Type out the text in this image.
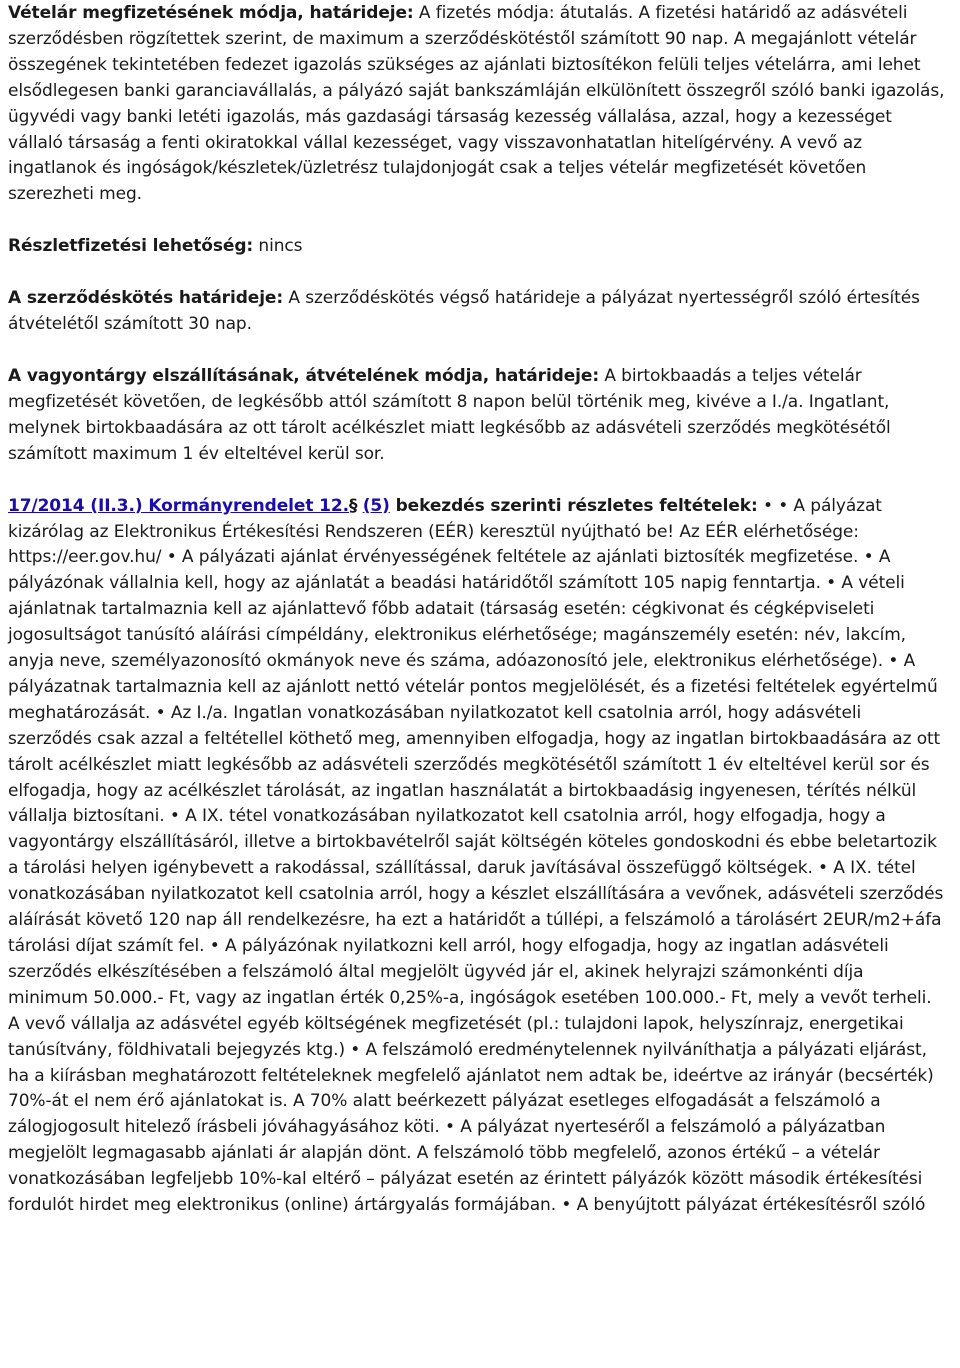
Vételár megfizetésének módja, határideje: A fizetés módja: átutalás. A fizetési határidő az adásvételi szerződésben rögzítettek szerint, de maximum a szerződéskötéstől számított 90 nap. A megajánlott vételár összegének tekintetében fedezet igazolás szükséges az ajánlati biztosítékon felüli teljes vételárra, ami lehet elsődlegesen banki garanciavállalás, a pályázó saját bankszámláján elkülönített összegről szóló banki igazolás, ügyvédi vagy banki letéti igazolás, más gazdasági társaság kezesség vállalása, azzal, hogy a kezességet vállaló társaság a fenti okiratokkal vállal kezességet, vagy visszavonhatatlan hitelígérvény. A vevő az ingatlanok és ingóságok/készletek/üzletrész tulajdonjogát csak a teljes vételár megfizetését követően szerezheti meg.

Részletfizetési lehetőség: nincs

A szerződéskötés határideje: A szerződéskötés végső határideje a pályázat nyertességről szóló értesítés átvételétől számított 30 nap.

A vagyontárgy elszállításának, átvételének módja, határideje: A birtokbaadás a teljes vételár megfizetését követően, de legkésőbb attól számított 8 napon belül történik meg, kivéve a I./a. Ingatlant, melynek birtokbaadására az ott tárolt acélkészlet miatt legkésőbb az adásvételi szerződés megkötésétől számított maximum 1 év elteltével kerül sor.

17/2014 (II.3.) Kormányrendelet 12.§ (5) bekezdés szerinti részletes feltételek: • • A pályázat kizárólag az Elektronikus Értékesítési Rendszeren (EÉR) keresztül nyújtható be! Az EÉR elérhetősége: https://eer.gov.hu/ • A pályázati ajánlat érvényességének feltétele az ajánlati biztosíték megfizetése. • A pályázónak vállalnia kell, hogy az ajánlatát a beadási határidőtől számított 105 napig fenntartja. • A vételi ajánlatnak tartalmaznia kell az ajánlattevő főbb adatait (társaság esetén: cégkivonat és cégképviseleti jogosultságot tanúsító aláírási címpéldány, elektronikus elérhetősége; magánszemély esetén: név, lakcím, anyja neve, személyazonosító okmányok neve és száma, adóazonosító jele, elektronikus elérhetősége). • A pályázatnak tartalmaznia kell az ajánlott nettó vételár pontos megjelölését, és a fizetési feltételek egyértelmű meghatározását. • Az I./a. Ingatlan vonatkozásában nyilatkozatot kell csatolnia arról, hogy adásvételi szerződés csak azzal a feltétellel köthető meg, amennyiben elfogadja, hogy az ingatlan birtokbaadására az ott tárolt acélkészlet miatt legkésőbb az adásvételi szerződés megkötésétől számított 1 év elteltével kerül sor és elfogadja, hogy az acélkészlet tárolását, az ingatlan használatát a birtokbaadásig ingyenesen, térítés nélkül vállalja biztosítani. • A IX. tétel vonatkozásában nyilatkozatot kell csatolnia arról, hogy elfogadja, hogy a vagyontárgy elszállításáról, illetve a birtokbavételről saját költségén köteles gondoskodni és ebbe beletartozik a tárolási helyen igénybevett a rakodással, szállítással, daruk javításával összefüggő költségek. • A IX. tétel vonatkozásában nyilatkozatot kell csatolnia arról, hogy a készlet elszállítására a vevőnek, adásvételi szerződés aláírását követő 120 nap áll rendelkezésre, ha ezt a határidőt a túllépi, a felszámoló a tárolásért 2EUR/m2+áfa tárolási díjat számít fel. • A pályázónak nyilatkozni kell arról, hogy elfogadja, hogy az ingatlan adásvételi szerződés elkészítésében a felszámoló által megjelölt ügyvéd jár el, akinek helyrajzi számonkénti díja minimum 50.000.- Ft, vagy az ingatlan érték 0,25%-a, ingóságok esetében 100.000.- Ft, mely a vevőt terheli. A vevő vállalja az adásvétel egyéb költségének megfizetését (pl.: tulajdoni lapok, helyszínrajz, energetikai tanúsítvány, földhivatali bejegyzés ktg.) • A felszámoló eredménytelennek nyilváníthatja a pályázati eljárást, ha a kiírásban meghatározott feltételeknek megfelelő ajánlatot nem adtak be, ideértve az irányár (becsérték) 70%-át el nem érő ajánlatokat is. A 70% alatt beérkezett pályázat esetleges elfogadását a felszámoló a zálogjogosult hitelező írásbeli jóváhagyásához köti. • A pályázat nyerteséről a felszámoló a pályázatban megjelölt legmagasabb ajánlati ár alapján dönt. A felszámoló több megfelelő, azonos értékű – a vételár vonatkozásában legfeljebb 10%-kal eltérő – pályázat esetén az érintett pályázók között második értékesítési fordulót hirdet meg elektronikus (online) ártárgyalás formájában. • A benyújtott pályázat értékesítésről szóló
